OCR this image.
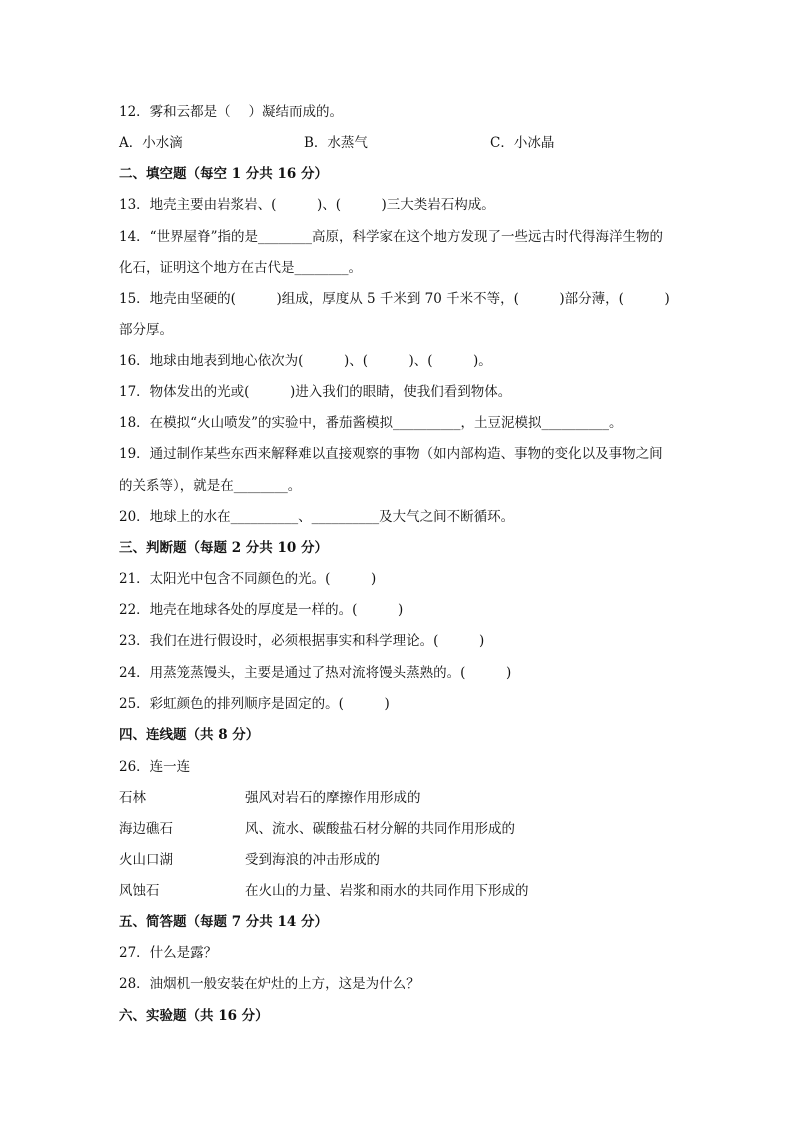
12．雾和云都是（　 ）凝结而成的。
A．小水滴	B．水蒸气	C．小冰晶
二、填空题（每空 1 分共 16 分）
13．地壳主要由岩浆岩、(　　　)、(　　　)三大类岩石构成。
14．“世界屋脊”指的是________高原，科学家在这个地方发现了一些远古时代得海洋生物的
化石，证明这个地方在古代是________。
15．地壳由坚硬的(　　　)组成，厚度从 5 千米到 70 千米不等，(　　　)部分薄，(　　　)
部分厚。
16．地球由地表到地心依次为(　　　)、(　　　)、(　　　)。
17．物体发出的光或(　　　)进入我们的眼睛，使我们看到物体。
18．在模拟“火山喷发”的实验中，番茄酱模拟__________，土豆泥模拟__________。
19．通过制作某些东西来解释难以直接观察的事物（如内部构造、事物的变化以及事物之间
的关系等），就是在________。
20．地球上的水在__________、__________及大气之间不断循环。
三、判断题（每题 2 分共 10 分）
21．太阳光中包含不同颜色的光。(　　　)
22．地壳在地球各处的厚度是一样的。(　　　)
23．我们在进行假设时，必须根据事实和科学理论。(　　　)
24．用蒸笼蒸馒头，主要是通过了热对流将馒头蒸熟的。(　　　)
25．彩虹颜色的排列顺序是固定的。(　　　)
四、连线题（共 8 分）
26．连一连
石林	强风对岩石的摩擦作用形成的
海边礁石	风、流水、碳酸盐石材分解的共同作用形成的
火山口湖	受到海浪的冲击形成的
风蚀石	在火山的力量、岩浆和雨水的共同作用下形成的
五、简答题（每题 7 分共 14 分）
27．什么是露？
28．油烟机一般安装在炉灶的上方，这是为什么？
六、实验题（共 16 分）
